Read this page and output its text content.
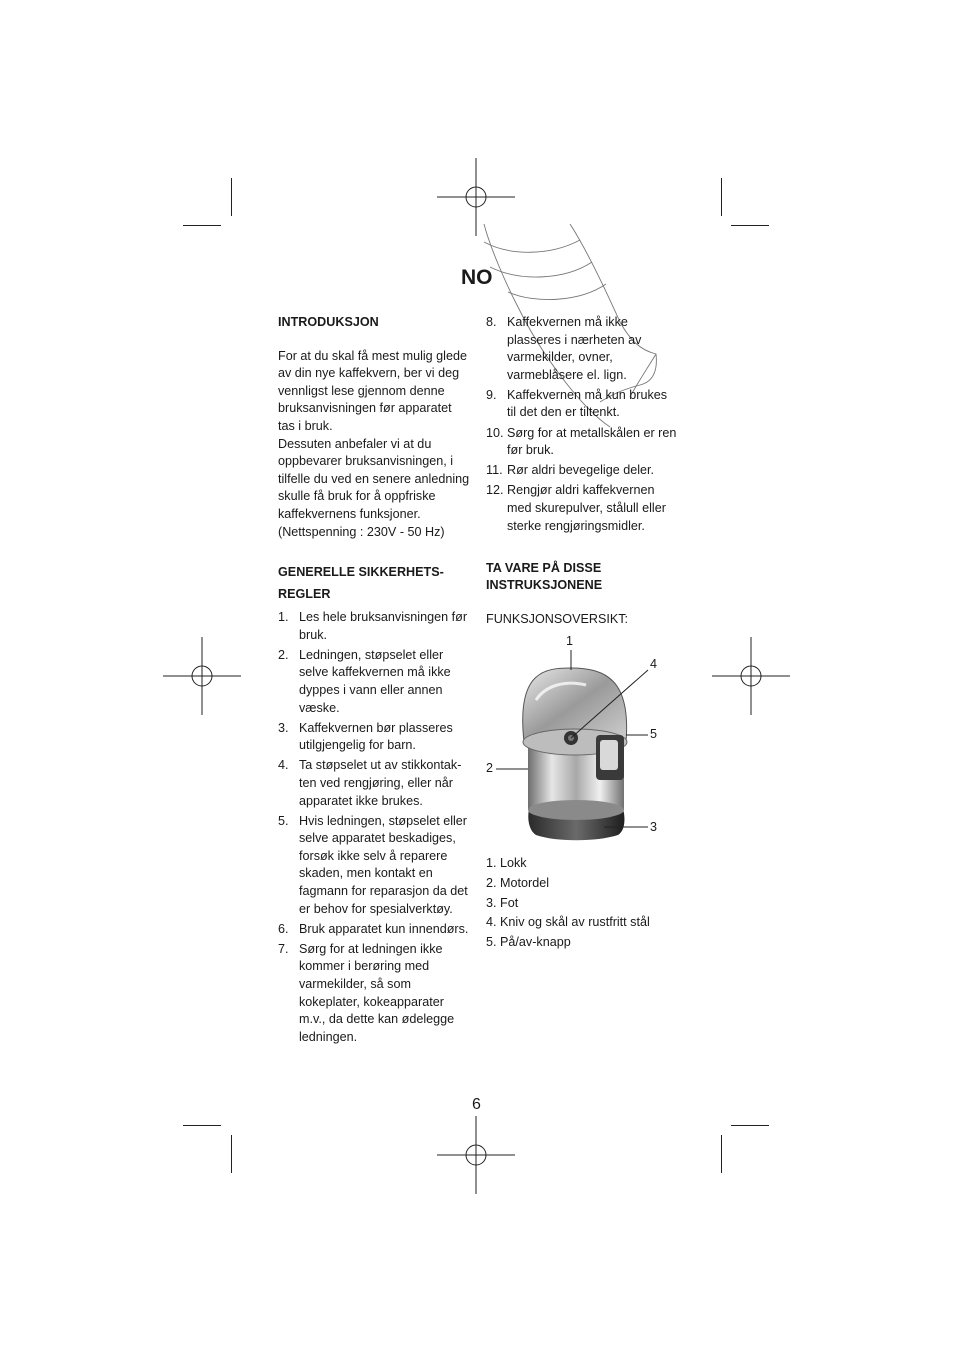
NO

INTRODUKSJON

For at du skal få mest mulig glede av din nye kaffekvern, ber vi deg vennligst lese gjennom denne bruksanvisningen før apparatet tas i bruk.

Dessuten anbefaler vi at du oppbevarer bruksanvisningen, i tilfelle du ved en senere anledning skulle få bruk for å oppfriske kaffekvernens funksjoner.

(Nettspenning : 230V - 50 Hz)

GENERELLE SIKKERHETS-
REGLER

1. Les hele bruksanvisningen før bruk.
2. Ledningen, støpselet eller selve kaffekvernen må ikke dyppes i vann eller annen væske.
3. Kaffekvernen bør plasseres utilgjengelig for barn.
4. Ta støpselet ut av stikkontak-ten ved rengjøring, eller når apparatet ikke brukes.
5. Hvis ledningen, støpselet eller selve apparatet beskadiges, forsøk ikke selv å reparere skaden, men kontakt en fagmann for reparasjon da det er behov for spesialverktøy.
6. Bruk apparatet kun innendørs.
7. Sørg for at ledningen ikke kommer i berøring med varmekilder, så som kokeplater, kokeapparater m.v., da dette kan ødelegge ledningen.
8. Kaffekvernen må ikke plasseres i nærheten av varmekilder, ovner, varmeblåsere el. lign.
9. Kaffekvernen må kun brukes til det den er tiltenkt.
10. Sørg for at metallskålen er ren før bruk.
11. Rør aldri bevegelige deler.
12. Rengjør aldri kaffekvernen med skurepulver, stålull eller sterke rengjøringsmidler.

TA VARE PÅ DISSE
INSTRUKSJONENE

FUNKSJONSOVERSIKT:

1
4
5
2
3
1. Lokk
2. Motordel
3. Fot
4. Kniv og skål av rustfritt stål
5. På/av-knapp
6
